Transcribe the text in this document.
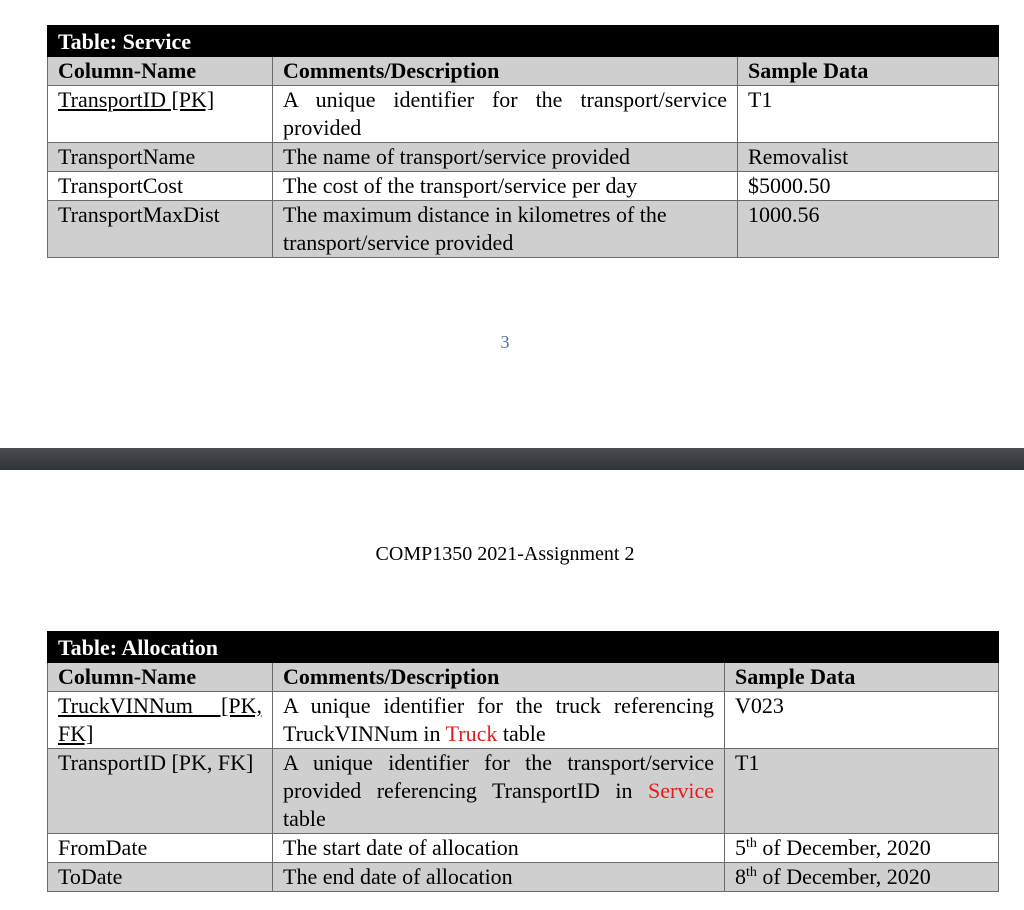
Table: Service		
Column-Name	Comments/Description	Sample Data
TransportID [PK]	A unique identifier for the transport/service provided	T1
TransportName	The name of transport/service provided	Removalist
TransportCost	The cost of the transport/service per day	$5000.50
TransportMaxDist	The maximum distance in kilometres of the transport/service provided	1000.56
3
COMP1350 2021-Assignment 2
Table: Allocation		
Column-Name	Comments/Description	Sample Data
TruckVINNum [PK, FK]	A unique identifier for the truck referencing TruckVINNum in Truck table	V023
TransportID [PK, FK]	A unique identifier for the transport/service provided referencing TransportID in Service table	T1
FromDate	The start date of allocation	5th of December, 2020
ToDate	The end date of allocation	8th of December, 2020
